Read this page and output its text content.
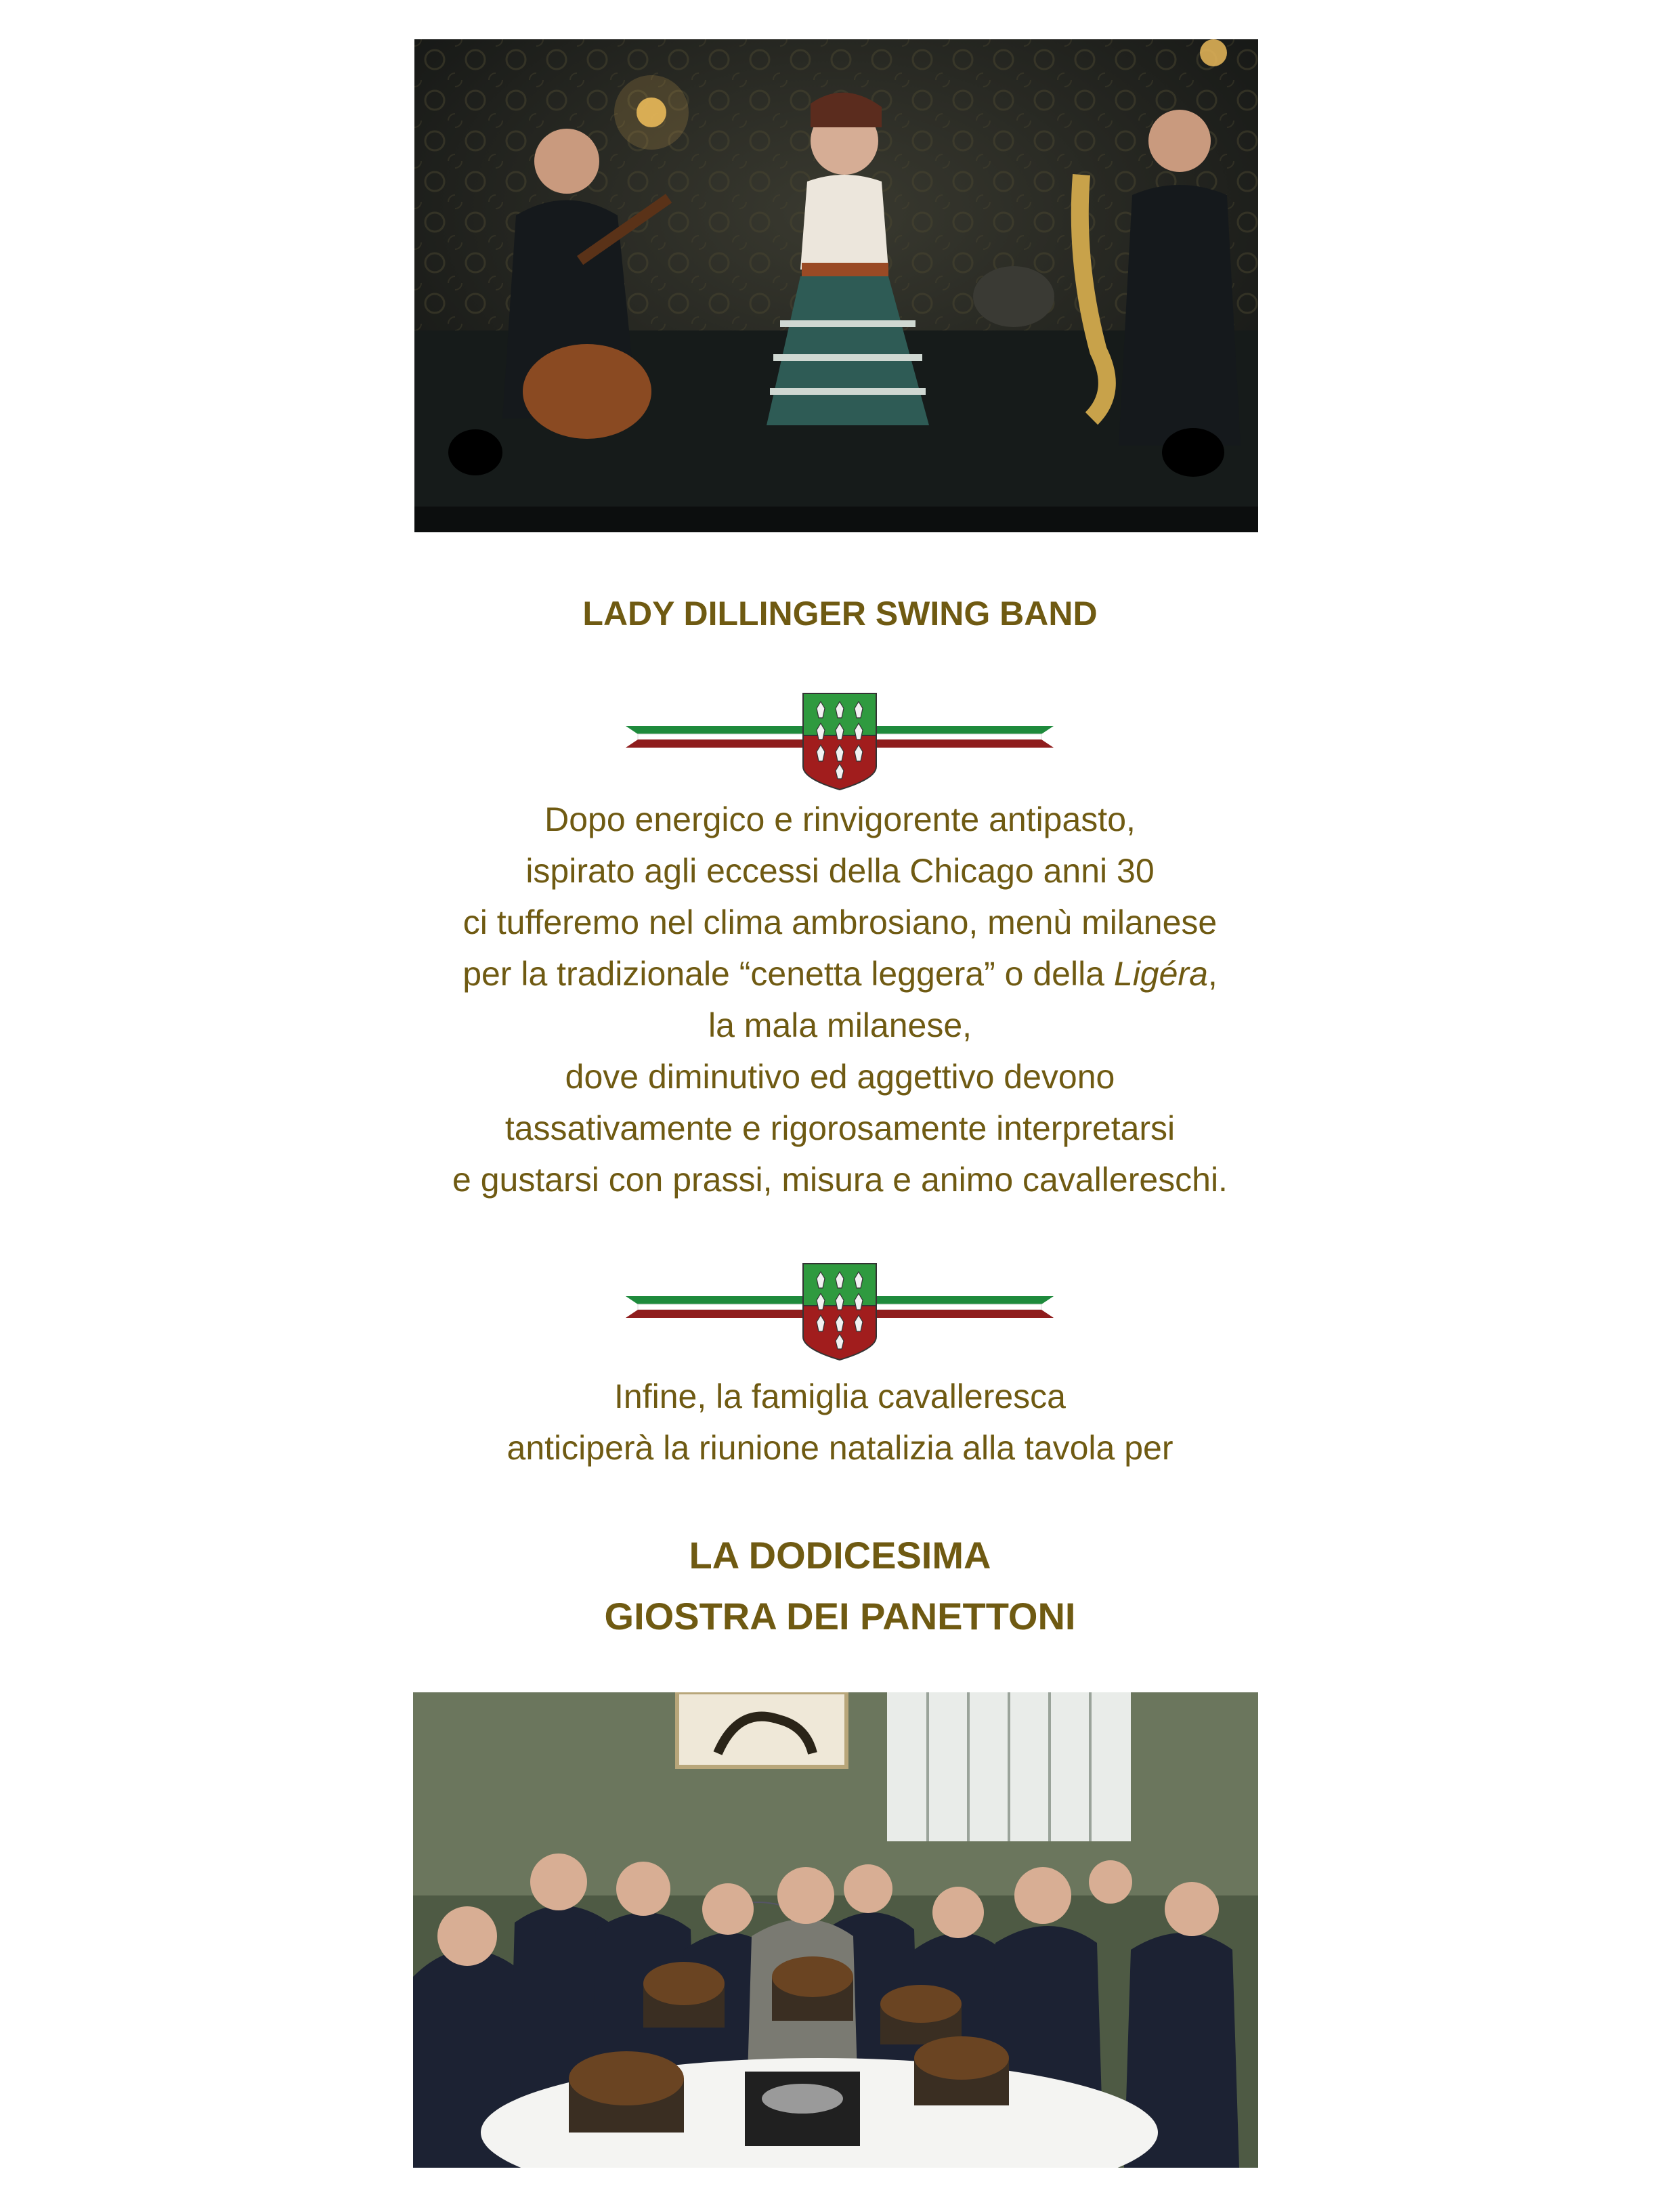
LADY DILLINGER SWING BAND

Dopo energico e rinvigorente antipasto,
ispirato agli eccessi della Chicago anni 30
ci tufferemo nel clima ambrosiano, menù milanese
per la tradizionale “cenetta leggera” o della Ligéra,
la mala milanese,
dove diminutivo ed aggettivo devono
tassativamente e rigorosamente interpretarsi
e gustarsi con prassi, misura e animo cavallereschi.

Infine, la famiglia cavalleresca
anticiperà la riunione natalizia alla tavola per

LA DODICESIMA
GIOSTRA DEI PANETTONI
